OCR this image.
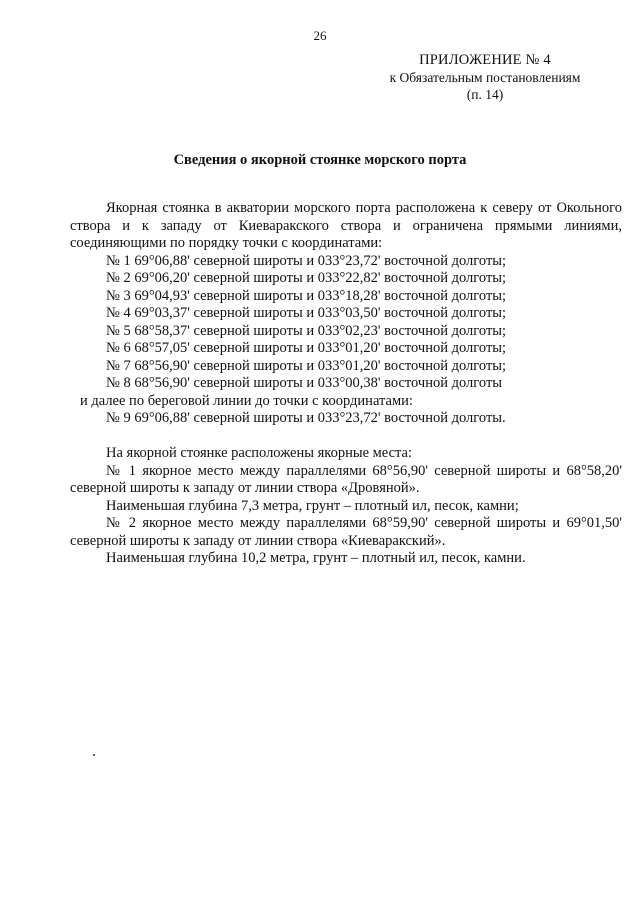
26
ПРИЛОЖЕНИЕ № 4
к Обязательным постановлениям
(п. 14)
Сведения о якорной стоянке морского порта

Якорная стоянка в акватории морского порта расположена к северу от Окольного створа и к западу от Киеваракского створа и ограничена прямыми линиями, соединяющими по порядку точки с координатами:

№ 1 69°06,88' северной широты и 033°23,72' восточной долготы;
№ 2 69°06,20' северной широты и 033°22,82' восточной долготы;
№ 3 69°04,93' северной широты и 033°18,28' восточной долготы;
№ 4 69°03,37' северной широты и 033°03,50' восточной долготы;
№ 5 68°58,37' северной широты и 033°02,23' восточной долготы;
№ 6 68°57,05' северной широты и 033°01,20' восточной долготы;
№ 7 68°56,90' северной широты и 033°01,20' восточной долготы;
№ 8 68°56,90' северной широты и 033°00,38' восточной долготы

и далее по береговой линии до точки с координатами:

№ 9 69°06,88' северной широты и 033°23,72' восточной долготы.

На якорной стоянке расположены якорные места:

№ 1 якорное место между параллелями 68°56,90' северной широты и 68°58,20' северной широты к западу от линии створа «Дровяной».

Наименьшая глубина 7,3 метра, грунт – плотный ил, песок, камни;

№ 2 якорное место между параллелями 68°59,90' северной широты и 69°01,50' северной широты к западу от линии створа «Киеваракский».

Наименьшая глубина 10,2 метра, грунт – плотный ил, песок, камни.
